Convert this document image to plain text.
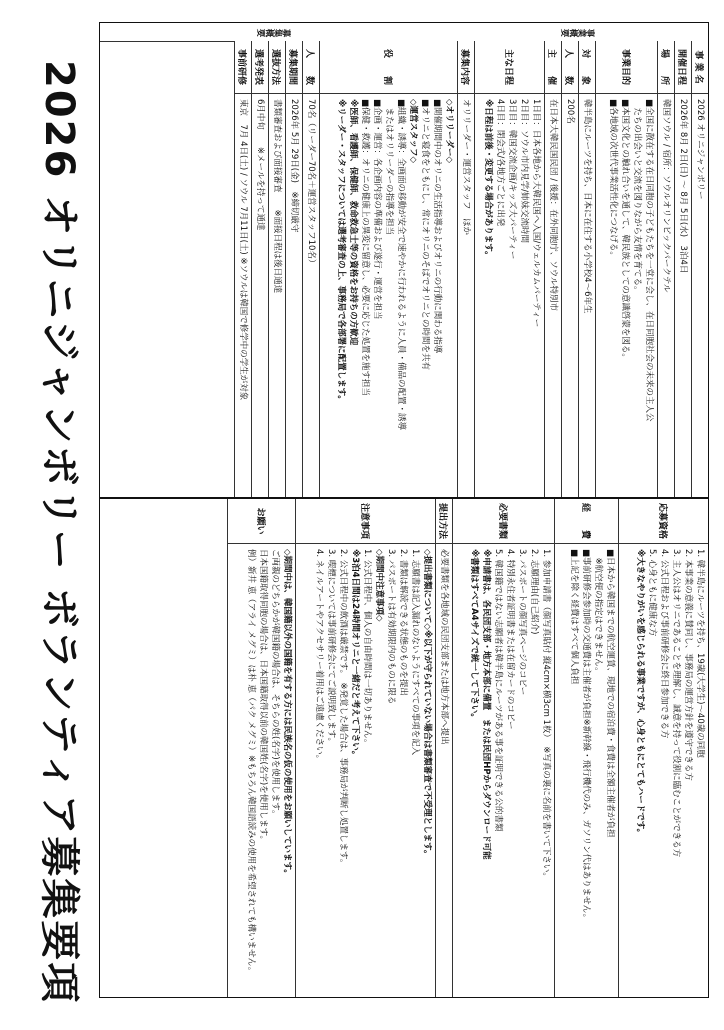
2026 オリニジャンボリー ボランティア募集要項
事業概要
募集概要
事 業 名
2026 オリニジャンボリー
開催日程
2026年 8月 2日(日) 〜 8月 5日(水)　3泊4日
場　　所
韓国ソウル / 宿所：ソウルオリンピックパークテル
事業目的
■全国に散在する在日同胞の子どもたちを一堂に会し、在日同胞社会の未来の主人公
　たちの出会いと交流を図りながら友情を育てる。
■本国文化との触れ合いを通して、韓民族としての意識啓蒙を図る。
■各地域の次世代事業活性化につなげる。
対　　象
韓半島にルーツを持ち、日本に在住する小学校4〜6年生
人　　数
200名
主　　催
在日本大韓民国民団 / 後援：在外同胞庁、ソウル特別市
主な日程
1日目：日本各地から大韓民国へ入国/ウェルカムパーティー
2日目：ソウル市内見学/姉妹交流時間
3日目：韓国交流企画/キッズ大パーティー
4日目：閉会式/各地方ごとに出発
※日程は前後・変更する場合があります。
募集内容
オリリーダー・運営スタッフ　ほか
役　　割
◇オリリーダー◇
■開催期間中のオリニの生活指導およびオリニの行動に関わる指導
■オリニと寝食をともにし、常にオリニのそばでオリニとの時間を共有
◇運営スタッフ◇
■組織・誘導：全画面の移動が安全で速やかに行われるように人員・備品の配置・誘導
　またはオリリーダーの指導を担当
■企画・運営：各企画内容の準備および遂行・運営を担当
■保健・救護：オリニの健康上の異変に留意し、必要に応じた処置を施す担当
※医師、看護師、保健師、救命救急士等の資格をお持ちの方歓迎
※リーダー・スタッフについては選考審査の上、事務局で各部署に配置します。
人　　数
70名（リーダー70名＋運営スタッフ10名）
募集期間
2026年 5月 29日(金)　※締切厳守
選抜方法
書類審査および面接審査　　※面接日程は後日通達
選考発表
6月中旬　　※メールを持って通達
事前研修
東京　7月 4日(土) / ソウル 7月11日(土) ※ソウルは韓国で修学中の学生が対象
応募資格
1. 韓半島にルーツを持ち、19歳(大学生)〜40歳の同胞
2. 本事業の意義に賛同し、事務局の運営方針を遵守できる方
3. 主人公はオリニであることを理解し、誠意を持って役割に臨むことができる方
4. 公式日程および事前研修会に終日参加できる方
5. 心身ともに健康な方
※大きなやりがいを感じられる事業ですが、心身ともにとてもハードです。
経　　費
■日本から韓国までの航空運賃、現地での宿泊費・食費は全額主催者が負担
　※航空便の指定はできません。
■事前研修会参加時の交通費は主催者が負担※新幹線・飛行機代のみ、ガソリン代はありません。
■上記を除く経費はすべて個人負担
必要書類
1. 参加申請書（顔写真貼付 縦4cm×横3cm 1枚）　※写真の裏に名前を書いて下さい。
2. 志願理由(自己紹介)
3. パスポートの顔写真ページのコピー
4. 特別永住者証明書または在留カードのコピー
5. 韓国籍ではない志願者は韓半島にルーツがある事を証明できる公的書類
※申請書は、各民団支部・地方本部に備置　または民団HPからダウンロード可能
※書類はすべてA4サイズで統一して下さい。
提出方法
必要書類を各地域の民団支部または地方本部へ提出
注意事項
◇提出書類について◇※以下が守られていない場合は書類審査で不受理とします。
1. 志願書は記入漏れのないようにすべての事項を記入
2. 書類は解読できる状態のものを提出
3. パスポートは有効期限内のものに限る
◇期間中注意事項◇
1. 公式日程中、個人の自由時間は一切ありません。
※3泊4日間は24時間オリニと一緒だと考えて下さい。
2. 公式日程中の飲酒は厳禁です。　※発覚した場合は、事務局が判断し処置します。
3. 喫煙については事前研修会にてご説明致します。
4. ネイルアートやアクセサリー着用はご遠慮ください。
お願い
◇期間中は、韓国籍以外の国籍を有する方には民族名の仮の使用をお願いしています。
ご両親のどちらかが韓国籍の場合は、そちらの姓(名字)を使用します。
日本国籍取得同胞の場合は、日本国籍取得以前の韓国姓(名字)を使用します。
例）新井 恵（アライ メグミ）は朴 恵（パク メグミ）※もちろん韓国語読みの使用を希望されても構いません。
